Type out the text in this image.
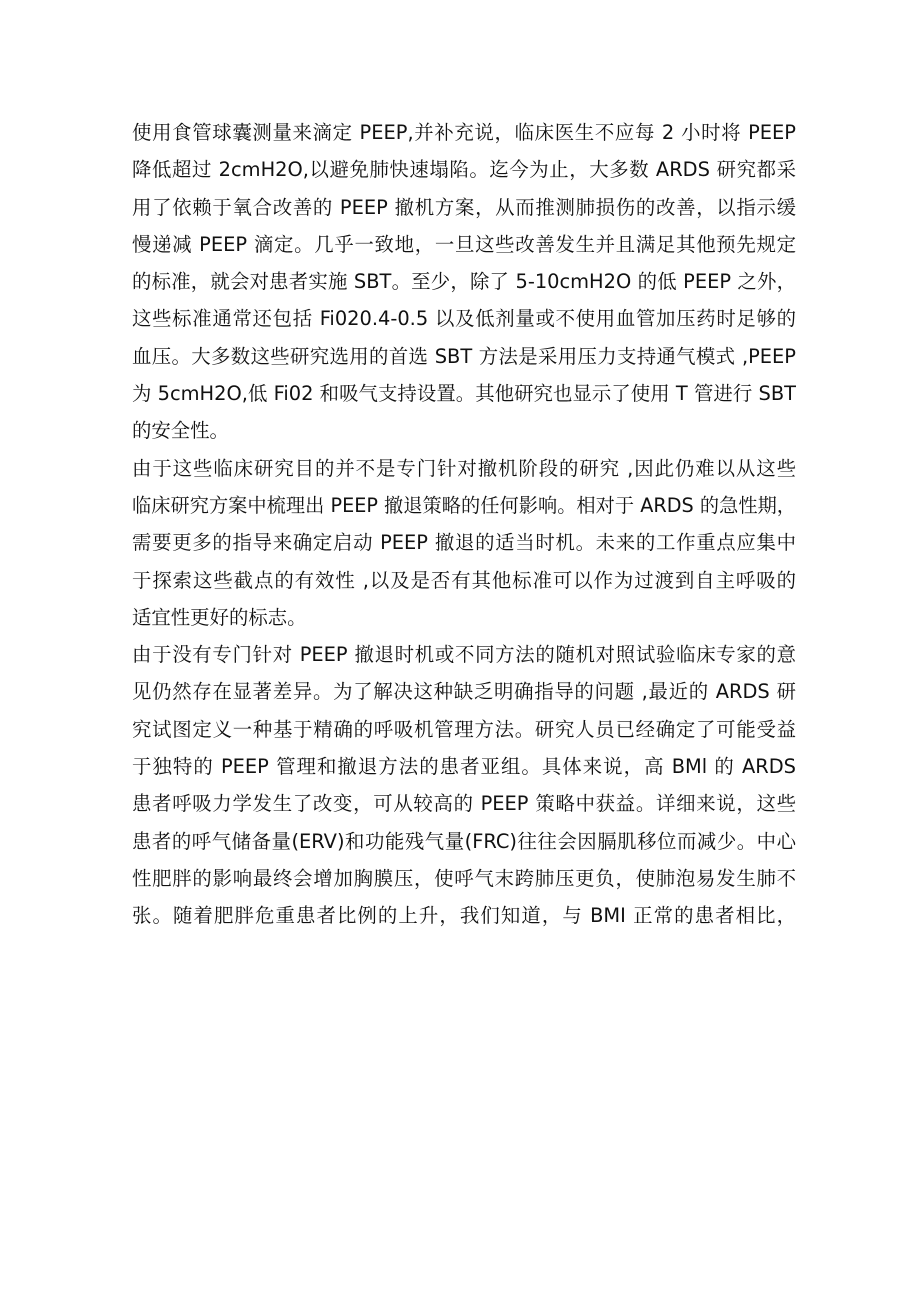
使用食管球囊测量来滴定 PEEP,并补充说，临床医生不应每 2 小时将 PEEP
降低超过 2cmH2O,以避免肺快速塌陷。迄今为止，大多数 ARDS 研究都采
用了依赖于氧合改善的 PEEP 撤机方案，从而推测肺损伤的改善，以指示缓
慢递减 PEEP 滴定。几乎一致地，一旦这些改善发生并且满足其他预先规定
的标准，就会对患者实施 SBT。至少，除了 5-10cmH2O 的低 PEEP 之外，
这些标准通常还包括 Fi020.4-0.5 以及低剂量或不使用血管加压药时足够的
血压。大多数这些研究选用的首选 SBT 方法是采用压力支持通气模式 ,PEEP
为 5cmH2O,低 Fi02 和吸气支持设置。其他研究也显示了使用 T 管进行 SBT
的安全性。

由于这些临床研究目的并不是专门针对撤机阶段的研究 ,因此仍难以从这些
临床研究方案中梳理出 PEEP 撤退策略的任何影响。相对于 ARDS 的急性期，
需要更多的指导来确定启动 PEEP 撤退的适当时机。未来的工作重点应集中
于探索这些截点的有效性 ,以及是否有其他标准可以作为过渡到自主呼吸的
适宜性更好的标志。

由于没有专门针对 PEEP 撤退时机或不同方法的随机对照试验临床专家的意
见仍然存在显著差异。为了解决这种缺乏明确指导的问题 ,最近的 ARDS 研
究试图定义一种基于精确的呼吸机管理方法。研究人员已经确定了可能受益
于独特的 PEEP 管理和撤退方法的患者亚组。具体来说，高 BMl 的 ARDS
患者呼吸力学发生了改变，可从较高的 PEEP 策略中获益。详细来说，这些
患者的呼气储备量(ERV)和功能残气量(FRC)往往会因膈肌移位而减少。中心
性肥胖的影响最终会增加胸膜压，使呼气末跨肺压更负，使肺泡易发生肺不
张。随着肥胖危重患者比例的上升，我们知道，与 BMI 正常的患者相比，
